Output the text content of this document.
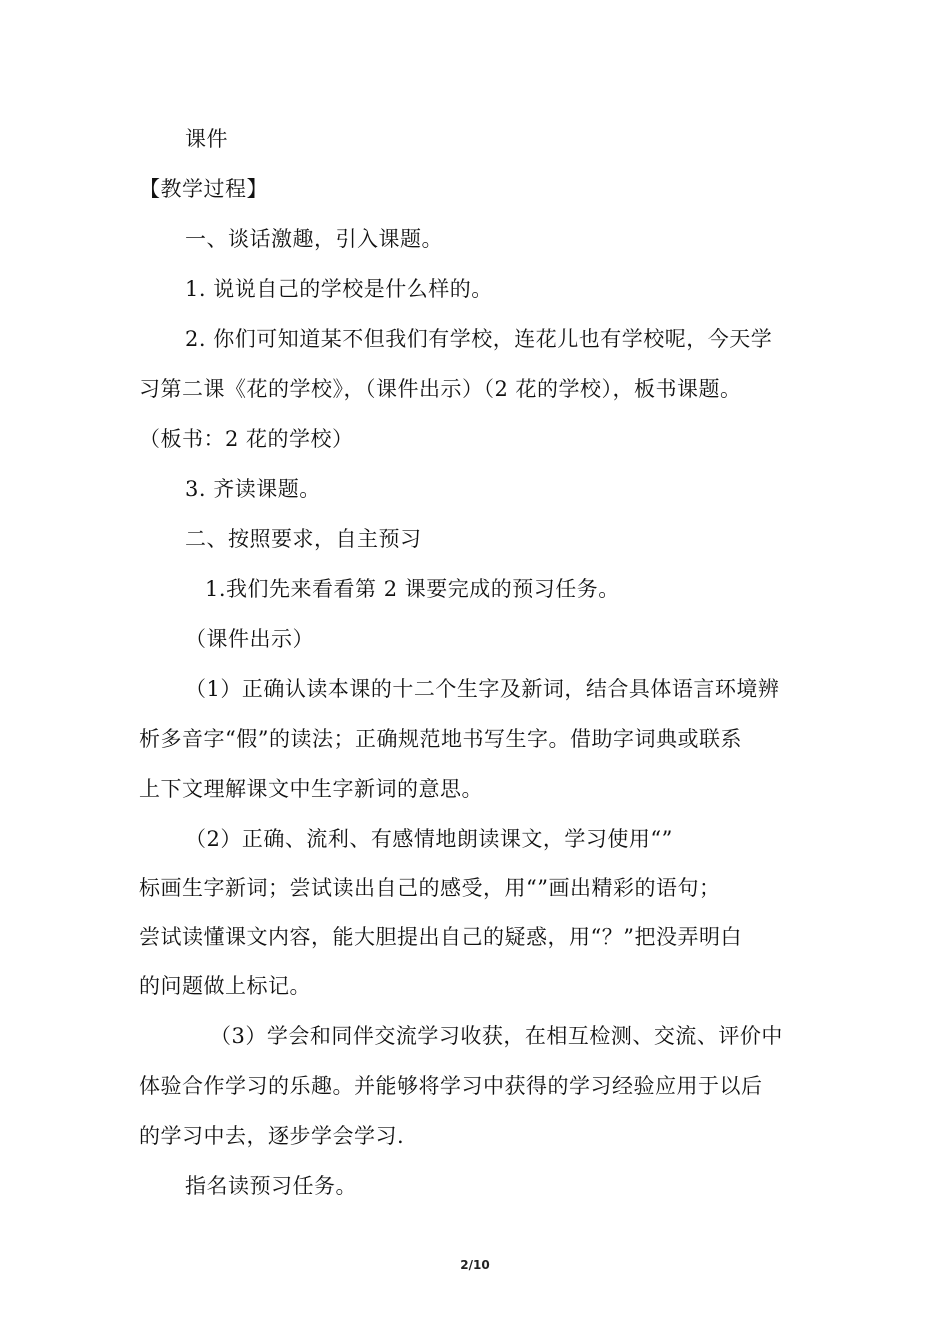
课件
【教学过程】
一、谈话激趣，引入课题。
1. 说说自己的学校是什么样的。
2. 你们可知道某不但我们有学校，连花儿也有学校呢，今天学
习第二课《花的学校》，（课件出示）（2 花的学校），板书课题。
（板书：2 花的学校）
3. 齐读课题。
二、按照要求，自主预习
1.我们先来看看第 2 课要完成的预习任务。
（课件出示）
（1）正确认读本课的十二个生字及新词，结合具体语言环境辨
析多音字“假”的读法；正确规范地书写生字。借助字词典或联系
上下文理解课文中生字新词的意思。
（2）正确、流利、有感情地朗读课文，学习使用“”
标画生字新词；尝试读出自己的感受，用“”画出精彩的语句；
尝试读懂课文内容，能大胆提出自己的疑惑，用“？”把没弄明白
的问题做上标记。
（3）学会和同伴交流学习收获，在相互检测、交流、评价中
体验合作学习的乐趣。并能够将学习中获得的学习经验应用于以后
的学习中去，逐步学会学习.
指名读预习任务。
2/10
